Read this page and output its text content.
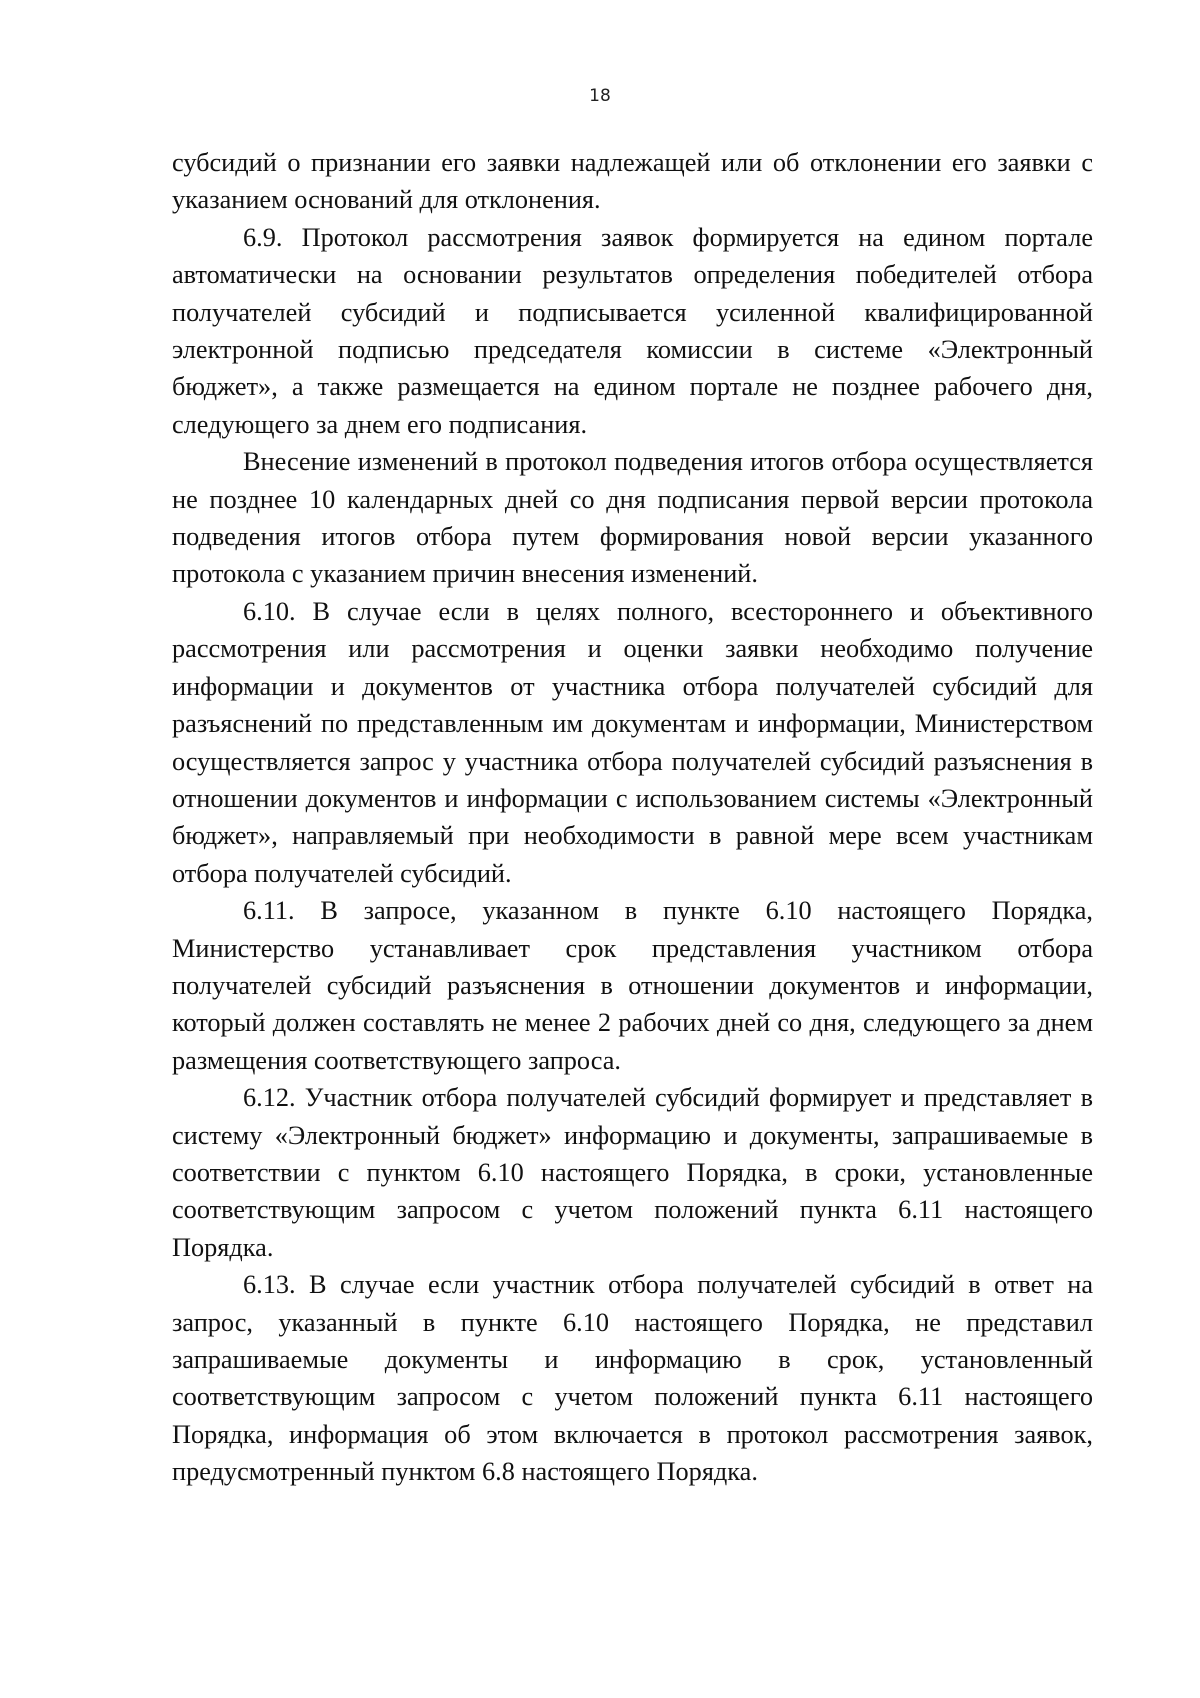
18

субсидий о признании его заявки надлежащей или об отклонении его заявки с указанием оснований для отклонения.

6.9. Протокол рассмотрения заявок формируется на едином портале автоматически на основании результатов определения победителей отбора получателей субсидий и подписывается усиленной квалифицированной электронной подписью председателя комиссии в системе «Электронный бюджет», а также размещается на едином портале не позднее рабочего дня, следующего за днем его подписания.

Внесение изменений в протокол подведения итогов отбора осуществляется не позднее 10 календарных дней со дня подписания первой версии протокола подведения итогов отбора путем формирования новой версии указанного протокола с указанием причин внесения изменений.

6.10. В случае если в целях полного, всестороннего и объективного рассмотрения или рассмотрения и оценки заявки необходимо получение информации и документов от участника отбора получателей субсидий для разъяснений по представленным им документам и информации, Министерством осуществляется запрос у участника отбора получателей субсидий разъяснения в отношении документов и информации с использованием системы «Электронный бюджет», направляемый при необходимости в равной мере всем участникам отбора получателей субсидий.

6.11. В запросе, указанном в пункте 6.10 настоящего Порядка, Министерство устанавливает срок представления участником отбора получателей субсидий разъяснения в отношении документов и информации, который должен составлять не менее 2 рабочих дней со дня, следующего за днем размещения соответствующего запроса.

6.12. Участник отбора получателей субсидий формирует и представляет в систему «Электронный бюджет» информацию и документы, запрашиваемые в соответствии с пунктом 6.10 настоящего Порядка, в сроки, установленные соответствующим запросом с учетом положений пункта 6.11 настоящего Порядка.

6.13. В случае если участник отбора получателей субсидий в ответ на запрос, указанный в пункте 6.10 настоящего Порядка, не представил запрашиваемые документы и информацию в срок, установленный соответствующим запросом с учетом положений пункта 6.11 настоящего Порядка, информация об этом включается в протокол рассмотрения заявок, предусмотренный пунктом 6.8 настоящего Порядка.
